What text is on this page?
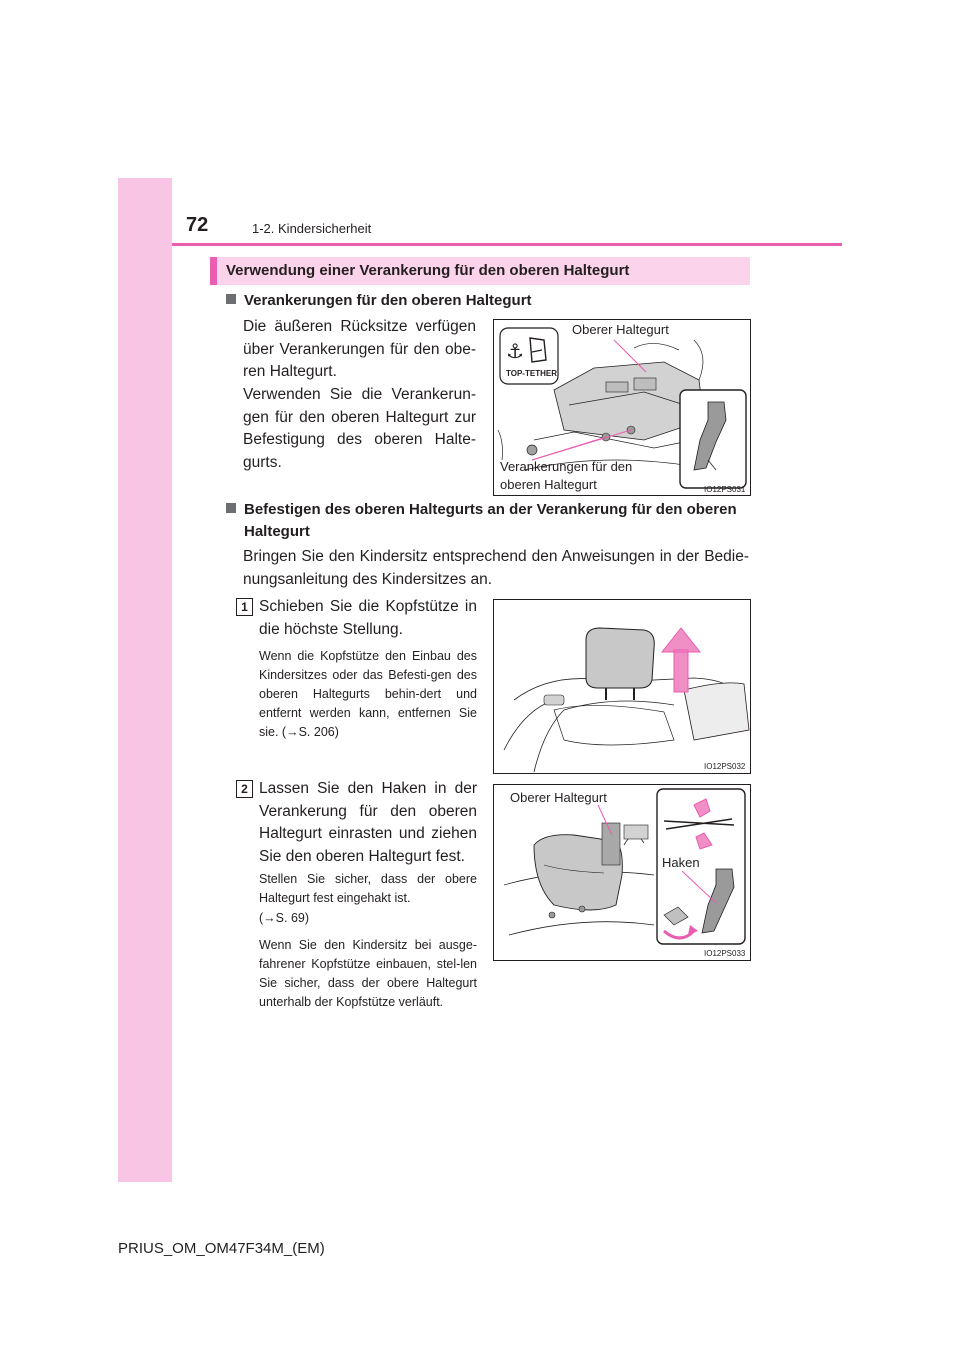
72	1-2. Kindersicherheit
Verwendung einer Verankerung für den oberen Haltegurt
Verankerungen für den oberen Haltegurt
Die äußeren Rücksitze verfügen über Verankerungen für den obe-ren Haltegurt.
Verwenden Sie die Verankerun-gen für den oberen Haltegurt zur Befestigung des oberen Halte-gurts.
⚓
TOP-TETHER
Oberer Haltegurt
Verankerungen für den
oberen Haltegurt	IO12PS031
Befestigen des oberen Haltegurts an der Verankerung für den oberen
Haltegurt
Bringen Sie den Kindersitz entsprechend den Anweisungen in der Bedie-nungsanleitung des Kindersitzes an.
1 Schieben Sie die Kopfstütze in die höchste Stellung.
Wenn die Kopfstütze den Einbau des Kindersitzes oder das Befesti-gen des oberen Haltegurts behin-dert und entfernt werden kann, entfernen Sie sie. (→S. 206)
IO12PS032
2 Lassen Sie den Haken in der Verankerung für den oberen Haltegurt einrasten und ziehen Sie den oberen Haltegurt fest.
Stellen Sie sicher, dass der obere Haltegurt fest eingehakt ist.
(→S. 69)
Wenn Sie den Kindersitz bei ausge-fahrener Kopfstütze einbauen, stel-len Sie sicher, dass der obere Haltegurt unterhalb der Kopfstütze verläuft.
Oberer Haltegurt
Haken
IO12PS033
PRIUS_OM_OM47F34M_(EM)
